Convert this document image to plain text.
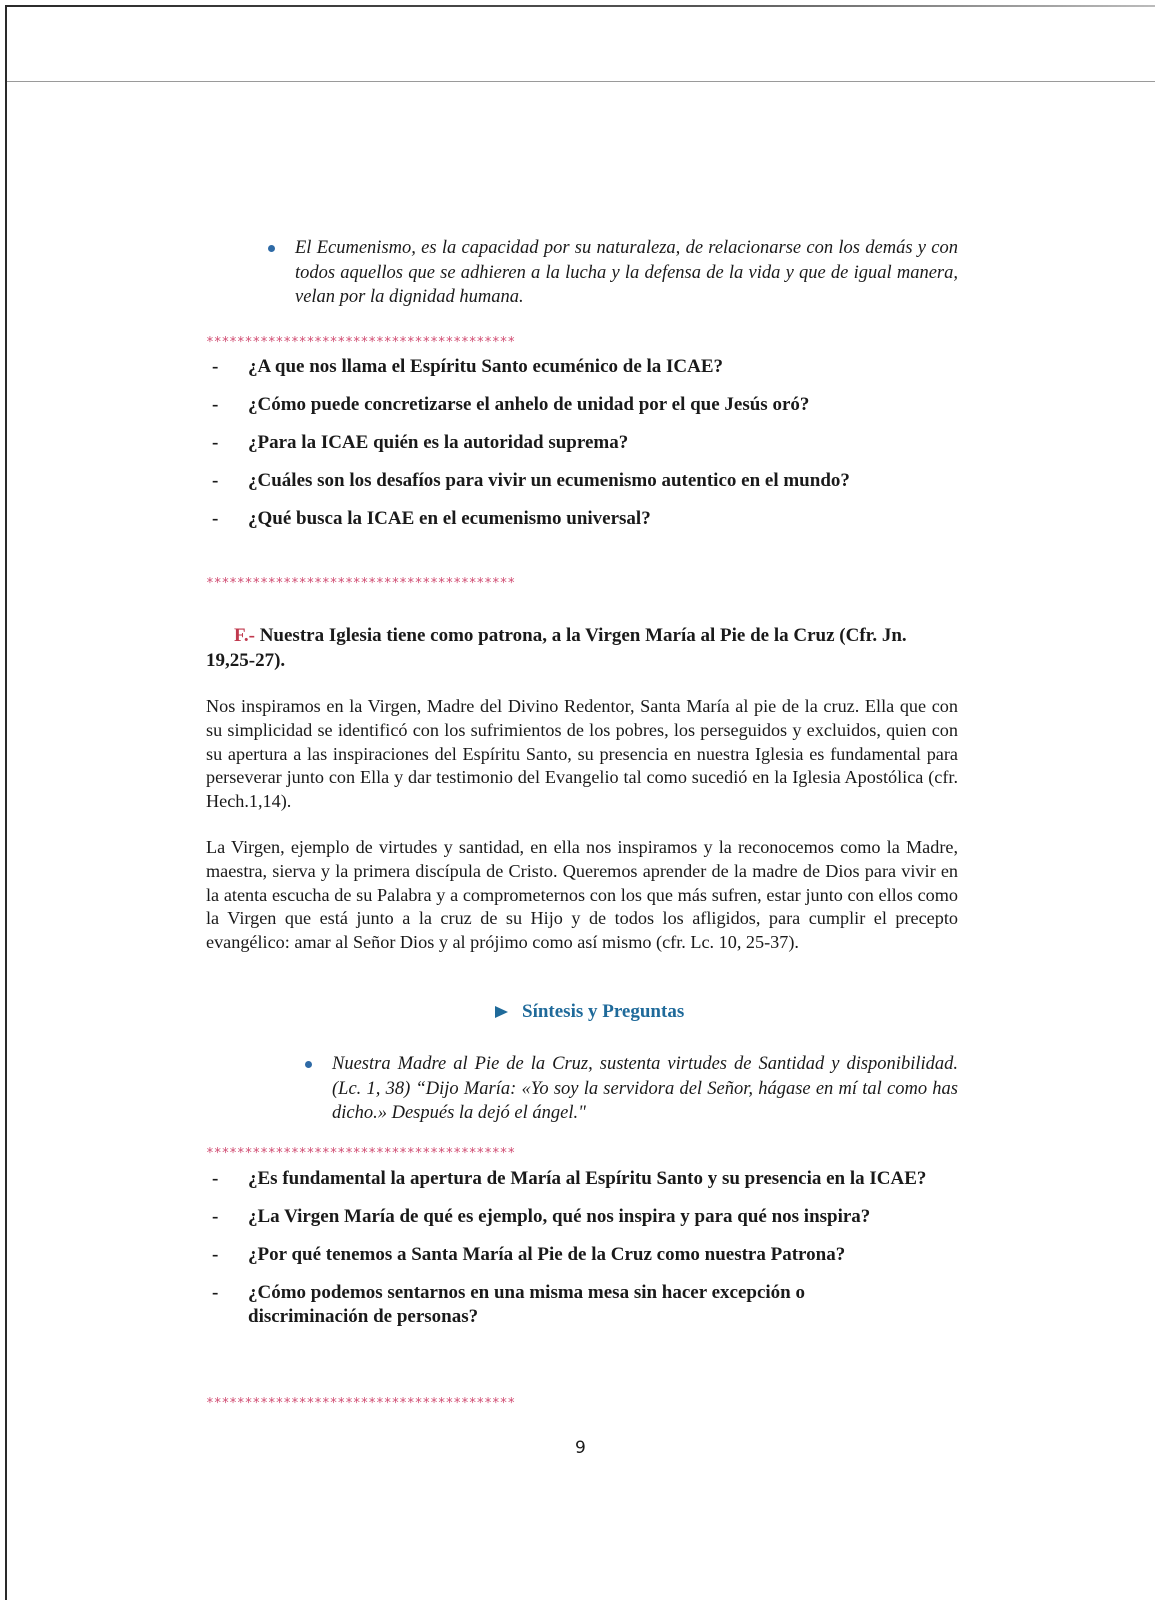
El Ecumenismo, es la capacidad por su naturaleza, de relacionarse con los demás y con todos aquellos que se adhieren a la lucha y la defensa de la vida y que de igual manera, velan por la dignidad humana.

****************************************
-	¿A que nos llama el Espíritu Santo ecuménico de la ICAE?
-	¿Cómo puede concretizarse el anhelo de unidad por el que Jesús oró?
-	¿Para la ICAE quién es la autoridad suprema?
-	¿Cuáles son los desafíos para vivir un ecumenismo autentico en el mundo?
-	¿Qué busca la ICAE en el ecumenismo universal?
****************************************
F.- Nuestra Iglesia tiene como patrona, a la Virgen María al Pie de la Cruz (Cfr. Jn. 19,25-27).

Nos inspiramos en la Virgen, Madre del Divino Redentor, Santa María al pie de la cruz. Ella que con su simplicidad se identificó con los sufrimientos de los pobres, los perseguidos y excluidos, quien con su apertura a las inspiraciones del Espíritu Santo, su presencia en nuestra Iglesia es fundamental para perseverar junto con Ella y dar testimonio del Evangelio tal como sucedió en la Iglesia Apostólica (cfr. Hech.1,14).

La Virgen, ejemplo de virtudes y santidad, en ella nos inspiramos y la reconocemos como la Madre, maestra, sierva y la primera discípula de Cristo. Queremos aprender de la madre de Dios para vivir en la atenta escucha de su Palabra y a comprometernos con los que más sufren, estar junto con ellos como la Virgen que está junto a la cruz de su Hijo y de todos los afligidos, para cumplir el precepto evangélico: amar al Señor Dios y al prójimo como así mismo (cfr. Lc. 10, 25-37).

Síntesis y Preguntas

Nuestra Madre al Pie de la Cruz, sustenta virtudes de Santidad y disponibilidad. (Lc. 1, 38) “Dijo María: «Yo soy la servidora del Señor, hágase en mí tal como has dicho.» Después la dejó el ángel."

****************************************
-	¿Es fundamental la apertura de María al Espíritu Santo y su presencia en la ICAE?
-	¿La Virgen María de qué es ejemplo, qué nos inspira y para qué nos inspira?
-	¿Por qué tenemos a Santa María al Pie de la Cruz como nuestra Patrona?
-	¿Cómo podemos sentarnos en una misma mesa sin hacer excepción o discriminación de personas?
****************************************
9
